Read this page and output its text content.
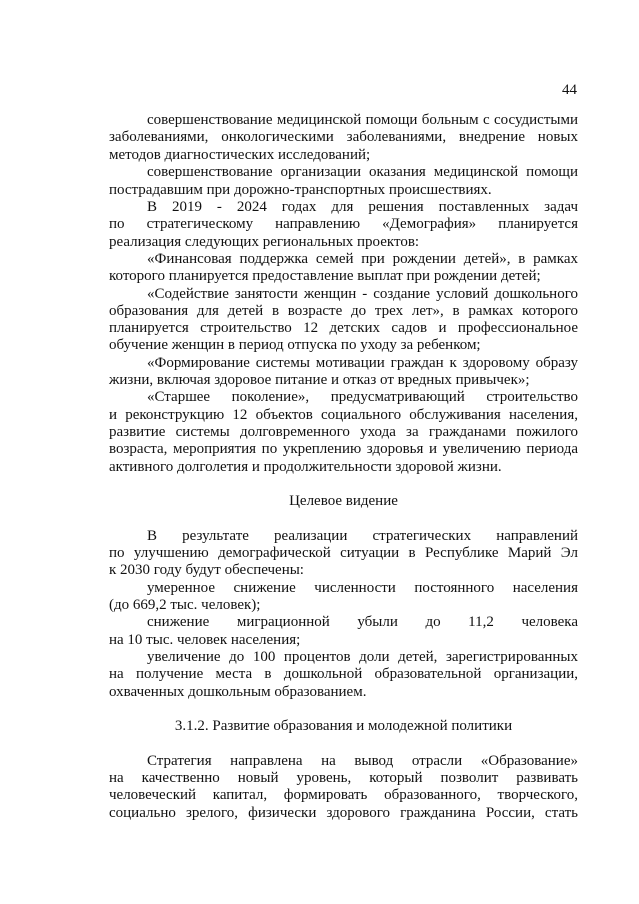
44
совершенствование медицинской помощи больным с сосудистыми
заболеваниями, онкологическими заболеваниями, внедрение новых
методов диагностических исследований;
совершенствование организации оказания медицинской помощи
пострадавшим при дорожно-транспортных происшествиях.
В 2019 - 2024 годах для решения поставленных задач
по стратегическому направлению «Демография» планируется
реализация следующих региональных проектов:
«Финансовая поддержка семей при рождении детей», в рамках
которого планируется предоставление выплат при рождении детей;
«Содействие занятости женщин - создание условий дошкольного
образования для детей в возрасте до трех лет», в рамках которого
планируется строительство 12 детских садов и профессиональное
обучение женщин в период отпуска по уходу за ребенком;
«Формирование системы мотивации граждан к здоровому образу
жизни, включая здоровое питание и отказ от вредных привычек»;
«Старшее поколение», предусматривающий строительство
и реконструкцию 12 объектов социального обслуживания населения,
развитие системы долговременного ухода за гражданами пожилого
возраста, мероприятия по укреплению здоровья и увеличению периода
активного долголетия и продолжительности здоровой жизни.
Целевое видение
В результате реализации стратегических направлений
по улучшению демографической ситуации в Республике Марий Эл
к 2030 году будут обеспечены:
умеренное снижение численности постоянного населения
(до 669,2 тыс. человек);
снижение миграционной убыли до 11,2 человека
на 10 тыс. человек населения;
увеличение до 100 процентов доли детей, зарегистрированных
на получение места в дошкольной образовательной организации,
охваченных дошкольным образованием.
3.1.2. Развитие образования и молодежной политики
Стратегия направлена на вывод отрасли «Образование»
на качественно новый уровень, который позволит развивать
человеческий капитал, формировать образованного, творческого,
социально зрелого, физически здорового гражданина России, стать
